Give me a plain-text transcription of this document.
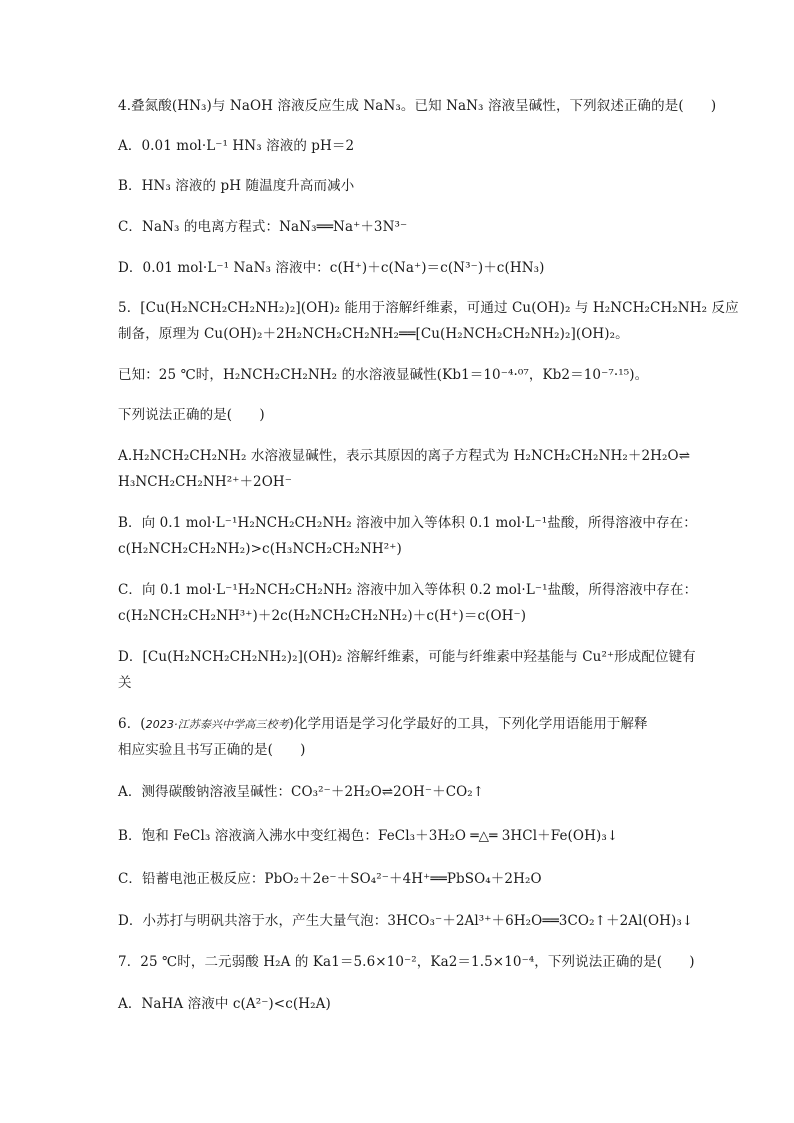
4.叠氮酸(HN₃)与 NaOH 溶液反应生成 NaN₃。已知 NaN₃ 溶液呈碱性，下列叙述正确的是(　　)
A．0.01 mol·L⁻¹ HN₃ 溶液的 pH＝2
B．HN₃ 溶液的 pH 随温度升高而减小
C．NaN₃ 的电离方程式：NaN₃══Na⁺＋3N³⁻
D．0.01 mol·L⁻¹ NaN₃ 溶液中：c(H⁺)＋c(Na⁺)＝c(N³⁻)＋c(HN₃)
5．[Cu(H₂NCH₂CH₂NH₂)₂](OH)₂ 能用于溶解纤维素，可通过 Cu(OH)₂ 与 H₂NCH₂CH₂NH₂ 反应
制备，原理为 Cu(OH)₂＋2H₂NCH₂CH₂NH₂══[Cu(H₂NCH₂CH₂NH₂)₂](OH)₂。
已知：25 ℃时，H₂NCH₂CH₂NH₂ 的水溶液显碱性(Kb1＝10⁻⁴·⁰⁷，Kb2＝10⁻⁷·¹⁵)。
下列说法正确的是(　　)
A.H₂NCH₂CH₂NH₂ 水溶液显碱性，表示其原因的离子方程式为 H₂NCH₂CH₂NH₂＋2H₂O⇌
H₃NCH₂CH₂NH²⁺＋2OH⁻
B．向 0.1 mol·L⁻¹H₂NCH₂CH₂NH₂ 溶液中加入等体积 0.1 mol·L⁻¹盐酸，所得溶液中存在：
c(H₂NCH₂CH₂NH₂)>c(H₃NCH₂CH₂NH²⁺)
C．向 0.1 mol·L⁻¹H₂NCH₂CH₂NH₂ 溶液中加入等体积 0.2 mol·L⁻¹盐酸，所得溶液中存在：
c(H₂NCH₂CH₂NH³⁺)＋2c(H₂NCH₂CH₂NH₂)＋c(H⁺)＝c(OH⁻)
D．[Cu(H₂NCH₂CH₂NH₂)₂](OH)₂ 溶解纤维素，可能与纤维素中羟基能与 Cu²⁺形成配位键有
关
6．(2023·江苏泰兴中学高三校考)化学用语是学习化学最好的工具，下列化学用语能用于解释
相应实验且书写正确的是(　　)
A．测得碳酸钠溶液呈碱性：CO₃²⁻＋2H₂O⇌2OH⁻＋CO₂↑
B．饱和 FeCl₃ 溶液滴入沸水中变红褐色：FeCl₃＋3H₂O ═△═ 3HCl＋Fe(OH)₃↓
C．铅蓄电池正极反应：PbO₂＋2e⁻＋SO₄²⁻＋4H⁺══PbSO₄＋2H₂O
D．小苏打与明矾共溶于水，产生大量气泡：3HCO₃⁻＋2Al³⁺＋6H₂O══3CO₂↑＋2Al(OH)₃↓
7．25 ℃时，二元弱酸 H₂A 的 Ka1＝5.6×10⁻²，Ka2＝1.5×10⁻⁴，下列说法正确的是(　　)
A．NaHA 溶液中 c(A²⁻)<c(H₂A)
